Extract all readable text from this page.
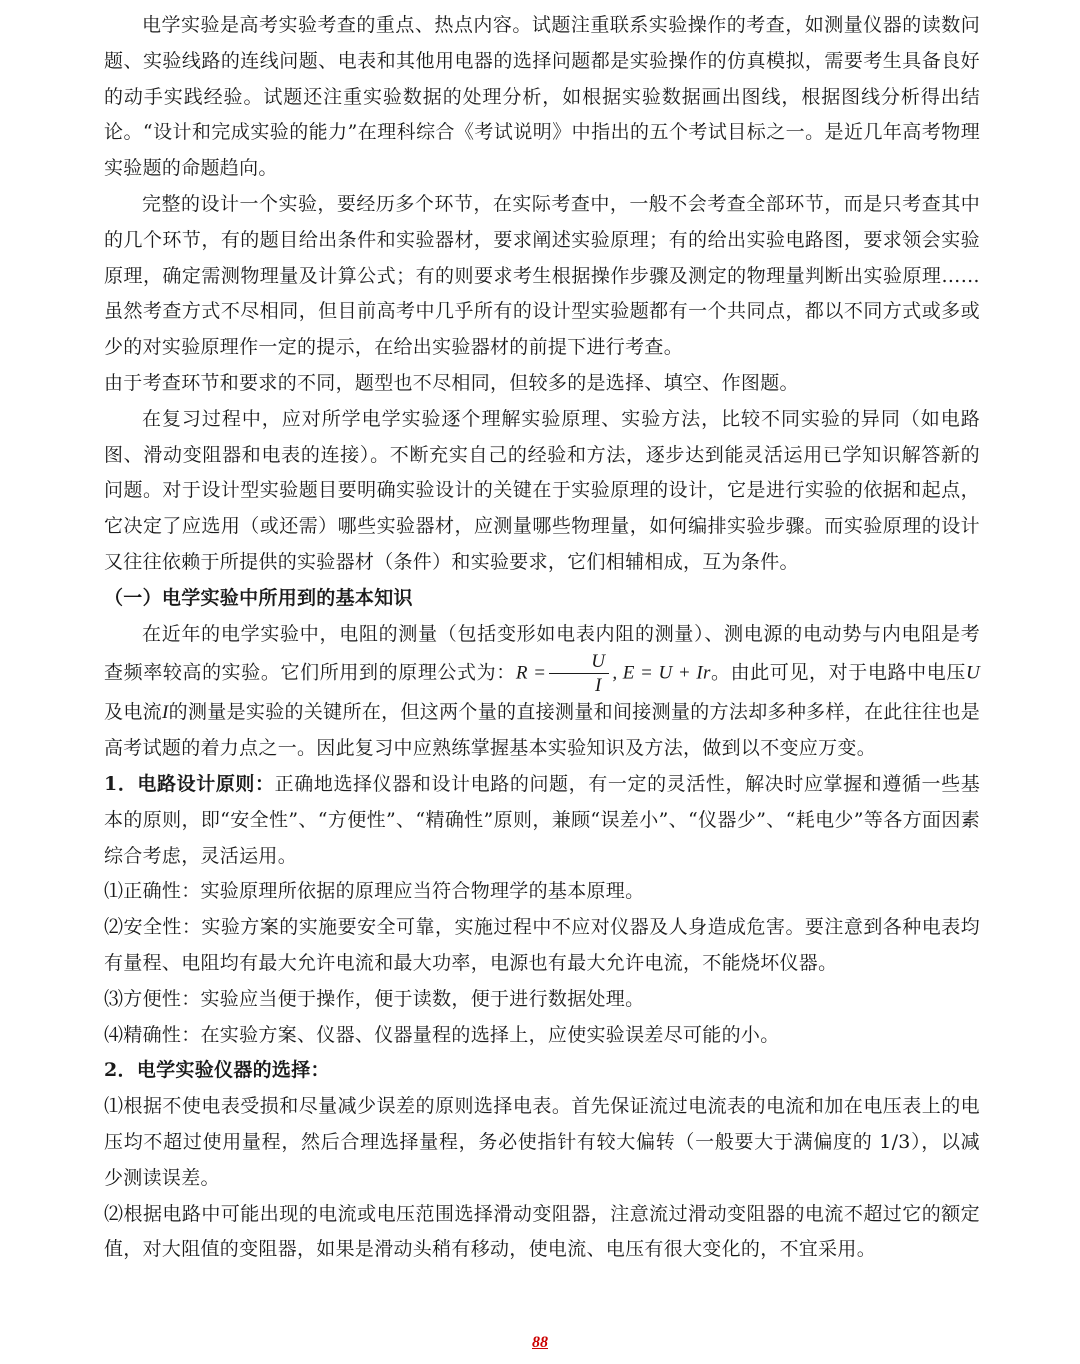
电学实验是高考实验考查的重点、热点内容。试题注重联系实验操作的考查，如测量仪器的读数问题、实验线路的连线问题、电表和其他用电器的选择问题都是实验操作的仿真模拟，需要考生具备良好的动手实践经验。试题还注重实验数据的处理分析，如根据实验数据画出图线，根据图线分析得出结论。“设计和完成实验的能力”在理科综合《考试说明》中指出的五个考试目标之一。是近几年高考物理实验题的命题趋向。

完整的设计一个实验，要经历多个环节，在实际考查中，一般不会考查全部环节，而是只考查其中的几个环节，有的题目给出条件和实验器材，要求阐述实验原理；有的给出实验电路图，要求领会实验原理，确定需测物理量及计算公式；有的则要求考生根据操作步骤及测定的物理量判断出实验原理……虽然考查方式不尽相同，但目前高考中几乎所有的设计型实验题都有一个共同点，都以不同方式或多或少的对实验原理作一定的提示，在给出实验器材的前提下进行考查。

由于考查环节和要求的不同，题型也不尽相同，但较多的是选择、填空、作图题。

在复习过程中，应对所学电学实验逐个理解实验原理、实验方法，比较不同实验的异同（如电路图、滑动变阻器和电表的连接）。不断充实自己的经验和方法，逐步达到能灵活运用已学知识解答新的问题。对于设计型实验题目要明确实验设计的关键在于实验原理的设计，它是进行实验的依据和起点，它决定了应选用（或还需）哪些实验器材，应测量哪些物理量，如何编排实验步骤。而实验原理的设计又往往依赖于所提供的实验器材（条件）和实验要求，它们相辅相成，互为条件。

（一）电学实验中所用到的基本知识

在近年的电学实验中，电阻的测量（包括变形如电表内阻的测量）、测电源的电动势与内电阻是考查频率较高的实验。它们所用到的原理公式为：$R = \frac{U}{I}$ , E = U + Ir。由此可见，对于电路中电压U及电流I的测量是实验的关键所在，但这两个量的直接测量和间接测量的方法却多种多样，在此往往也是高考试题的着力点之一。因此复习中应熟练掌握基本实验知识及方法，做到以不变应万变。

1．电路设计原则：正确地选择仪器和设计电路的问题，有一定的灵活性，解决时应掌握和遵循一些基本的原则，即“安全性”、“方便性”、“精确性”原则，兼顾“误差小”、“仪器少”、“耗电少”等各方面因素综合考虑，灵活运用。

⑴正确性：实验原理所依据的原理应当符合物理学的基本原理。

⑵安全性：实验方案的实施要安全可靠，实施过程中不应对仪器及人身造成危害。要注意到各种电表均有量程、电阻均有最大允许电流和最大功率，电源也有最大允许电流，不能烧坏仪器。

⑶方便性：实验应当便于操作，便于读数，便于进行数据处理。

⑷精确性：在实验方案、仪器、仪器量程的选择上，应使实验误差尽可能的小。

2．电学实验仪器的选择：

⑴根据不使电表受损和尽量减少误差的原则选择电表。首先保证流过电流表的电流和加在电压表上的电压均不超过使用量程，然后合理选择量程，务必使指针有较大偏转（一般要大于满偏度的 1/3），以减少测读误差。

⑵根据电路中可能出现的电流或电压范围选择滑动变阻器，注意流过滑动变阻器的电流不超过它的额定值，对大阻值的变阻器，如果是滑动头稍有移动，使电流、电压有很大变化的，不宜采用。

88
